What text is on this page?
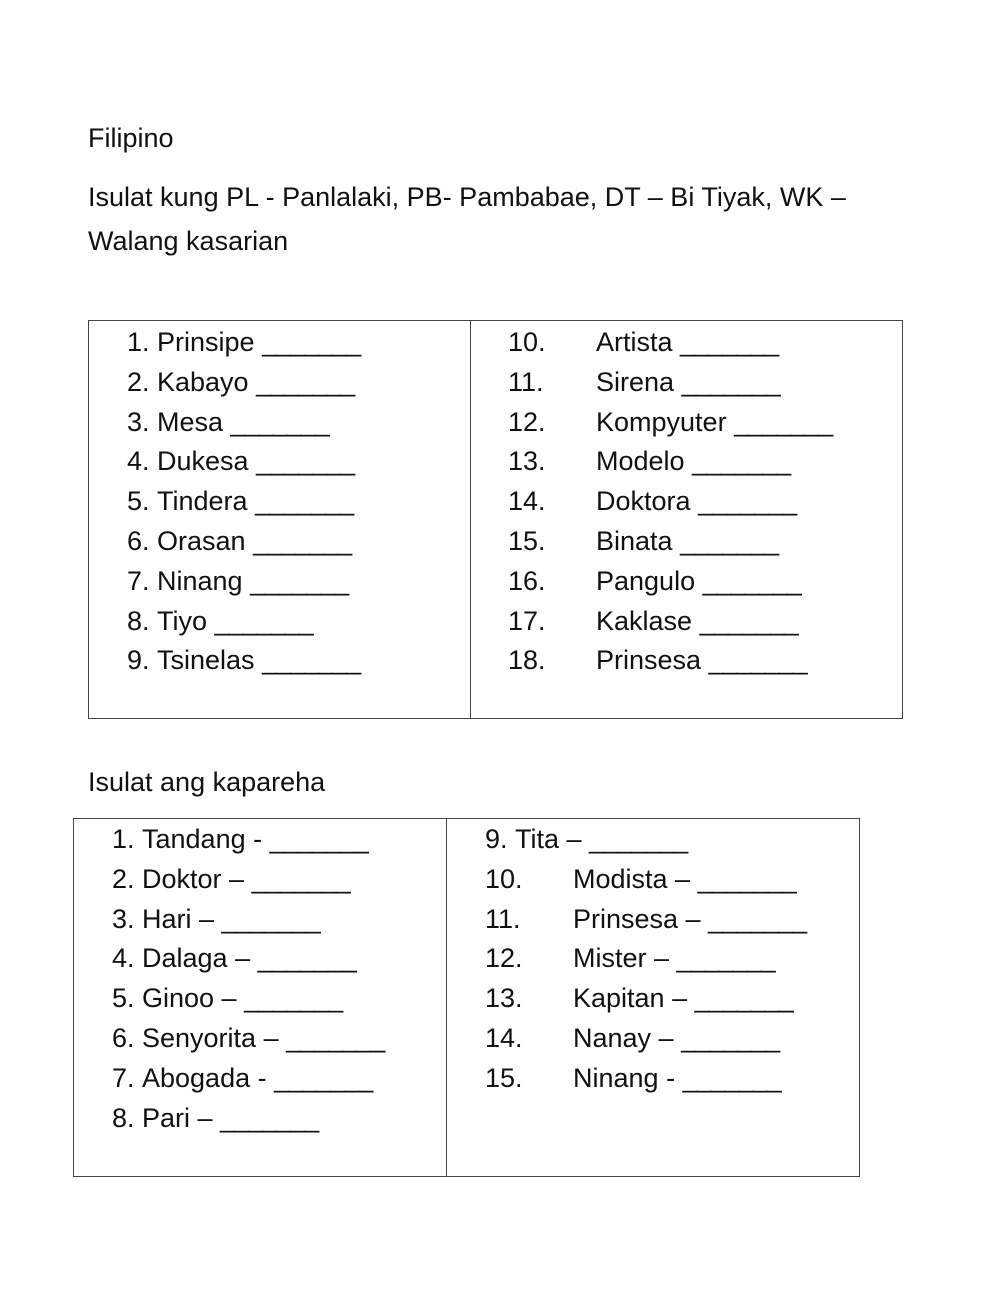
Filipino

Isulat kung PL - Panlalaki, PB- Pambabae, DT – Bi Tiyak, WK – Walang kasarian

1. Prinsipe _______
2. Kabayo _______
3. Mesa _______
4. Dukesa _______
5. Tindera _______
6. Orasan _______
7. Ninang _______
8. Tiyo _______
9. Tsinelas _______
10. Artista _______
11. Sirena _______
12. Kompyuter _______
13. Modelo _______
14. Doktora _______
15. Binata _______
16. Pangulo _______
17. Kaklase _______
18. Prinsesa _______
Isulat ang kapareha
1. Tandang - _______
2. Doktor – _______
3. Hari – _______
4. Dalaga – _______
5. Ginoo – _______
6. Senyorita – _______
7. Abogada - _______
8. Pari – _______
9. Tita – _______
10. Modista – _______
11. Prinsesa – _______
12. Mister – _______
13. Kapitan – _______
14. Nanay – _______
15. Ninang - _______
